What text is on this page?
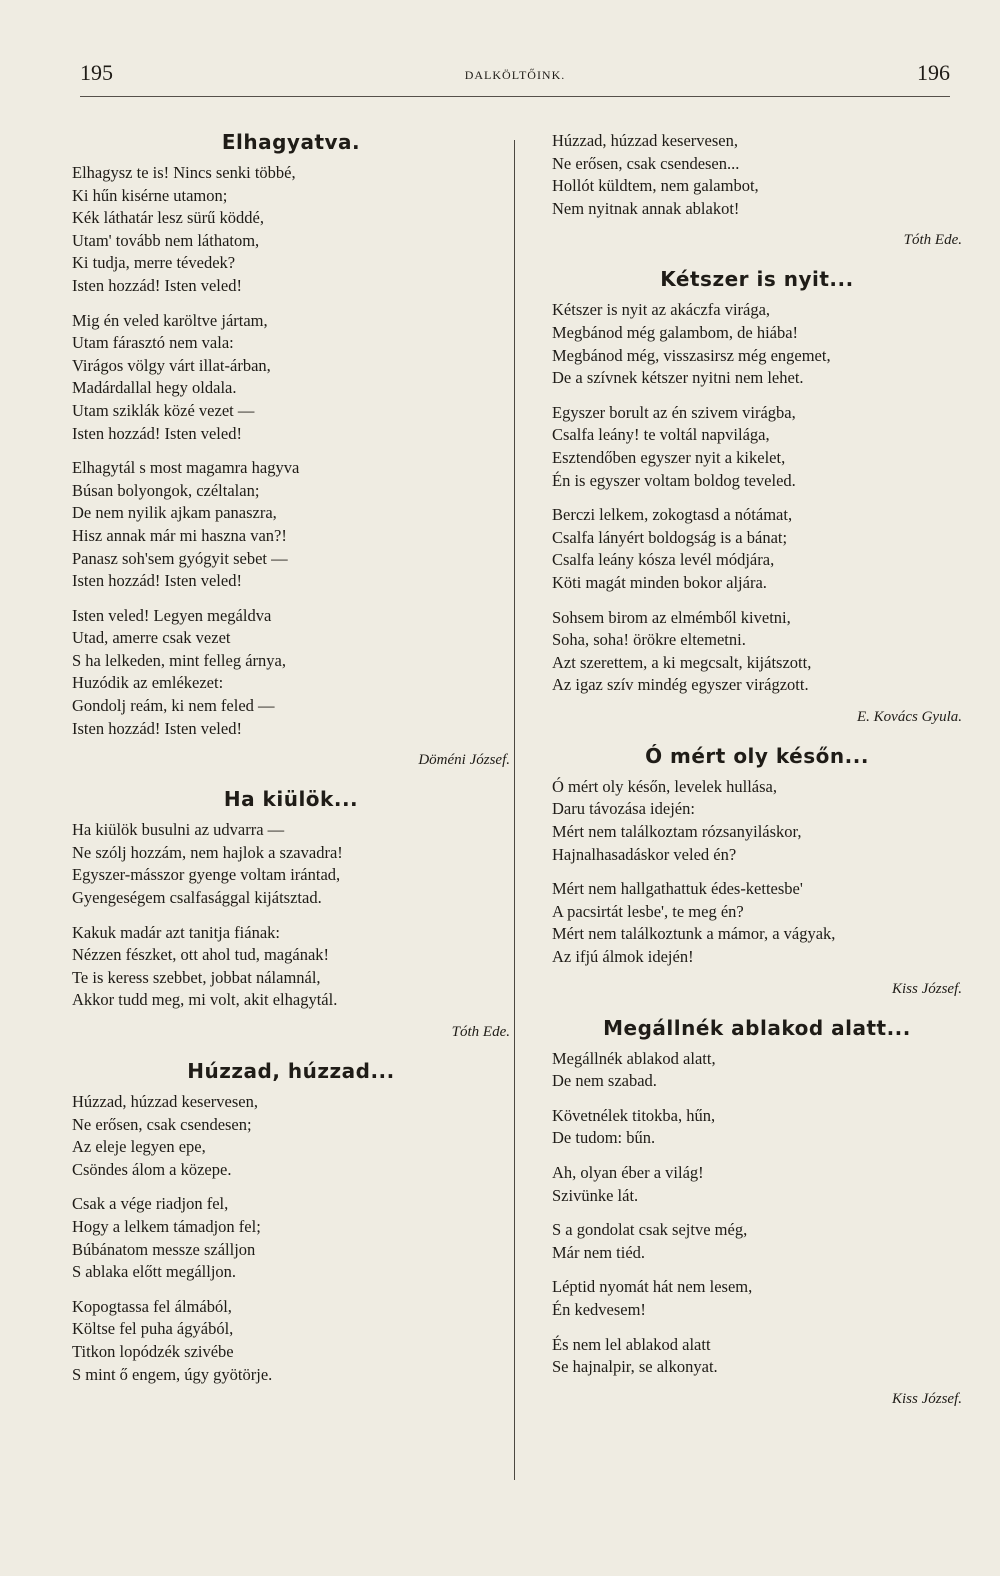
195	DALKÖLTŐINK.	196
Elhagyatva.
Elhagysz te is! Nincs senki többé,
Ki hűn kisérne utamon;
Kék láthatár lesz sürű köddé,
Utam' tovább nem láthatom,
Ki tudja, merre tévedek?
Isten hozzád! Isten veled!
Mig én veled karöltve jártam,
Utam fárasztó nem vala:
Virágos völgy várt illat-árban,
Madárdallal hegy oldala.
Utam sziklák közé vezet —
Isten hozzád! Isten veled!
Elhagytál s most magamra hagyva
Búsan bolyongok, czéltalan;
De nem nyilik ajkam panaszra,
Hisz annak már mi haszna van?!
Panasz soh'sem gyógyit sebet —
Isten hozzád! Isten veled!
Isten veled! Legyen megáldva
Utad, amerre csak vezet
S ha lelkeden, mint felleg árnya,
Huzódik az emlékezet:
Gondolj reám, ki nem feled —
Isten hozzád! Isten veled!
Döméni József.
Ha kiülök...
Ha kiülök busulni az udvarra —
Ne szólj hozzám, nem hajlok a szavadra!
Egyszer-másszor gyenge voltam irántad,
Gyengeségem csalfasággal kijátsztad.
Kakuk madár azt tanitja fiának:
Nézzen fészket, ott ahol tud, magának!
Te is keress szebbet, jobbat nálamnál,
Akkor tudd meg, mi volt, akit elhagytál.
Tóth Ede.
Húzzad, húzzad...
Húzzad, húzzad keservesen,
Ne erősen, csak csendesen;
Az eleje legyen epe,
Csöndes álom a közepe.
Csak a vége riadjon fel,
Hogy a lelkem támadjon fel;
Búbánatom messze szálljon
S ablaka előtt megálljon.
Kopogtassa fel álmából,
Költse fel puha ágyából,
Titkon lopódzék szivébe
S mint ő engem, úgy gyötörje.
Húzzad, húzzad keservesen,
Ne erősen, csak csendesen...
Hollót küldtem, nem galambot,
Nem nyitnak annak ablakot!
Tóth Ede.
Kétszer is nyit...
Kétszer is nyit az akáczfa virága,
Megbánod még galambom, de hiába!
Megbánod még, visszasirsz még engemet,
De a szívnek kétszer nyitni nem lehet.
Egyszer borult az én szivem virágba,
Csalfa leány! te voltál napvilága,
Esztendőben egyszer nyit a kikelet,
Én is egyszer voltam boldog teveled.
Berczi lelkem, zokogtasd a nótámat,
Csalfa lányért boldogság is a bánat;
Csalfa leány kósza levél módjára,
Köti magát minden bokor aljára.
Sohsem birom az elmémből kivetni,
Soha, soha! örökre eltemetni.
Azt szerettem, a ki megcsalt, kijátszott,
Az igaz szív mindég egyszer virágzott.
E. Kovács Gyula.
Ó mért oly későn...
Ó mért oly későn, levelek hullása,
Daru távozása idején:
Mért nem találkoztam rózsanyiláskor,
Hajnalhasadáskor veled én?
Mért nem hallgathattuk édes-kettesbe'
A pacsirtát lesbe', te meg én?
Mért nem találkoztunk a mámor, a vágyak,
Az ifjú álmok idején!
Kiss József.
Megállnék ablakod alatt...
Megállnék ablakod alatt,
De nem szabad.
Követnélek titokba, hűn,
De tudom: bűn.
Ah, olyan éber a világ!
Szivünke lát.
S a gondolat csak sejtve még,
Már nem tiéd.
Léptid nyomát hát nem lesem,
Én kedvesem!
És nem lel ablakod alatt
Se hajnalpir, se alkonyat.
Kiss József.
